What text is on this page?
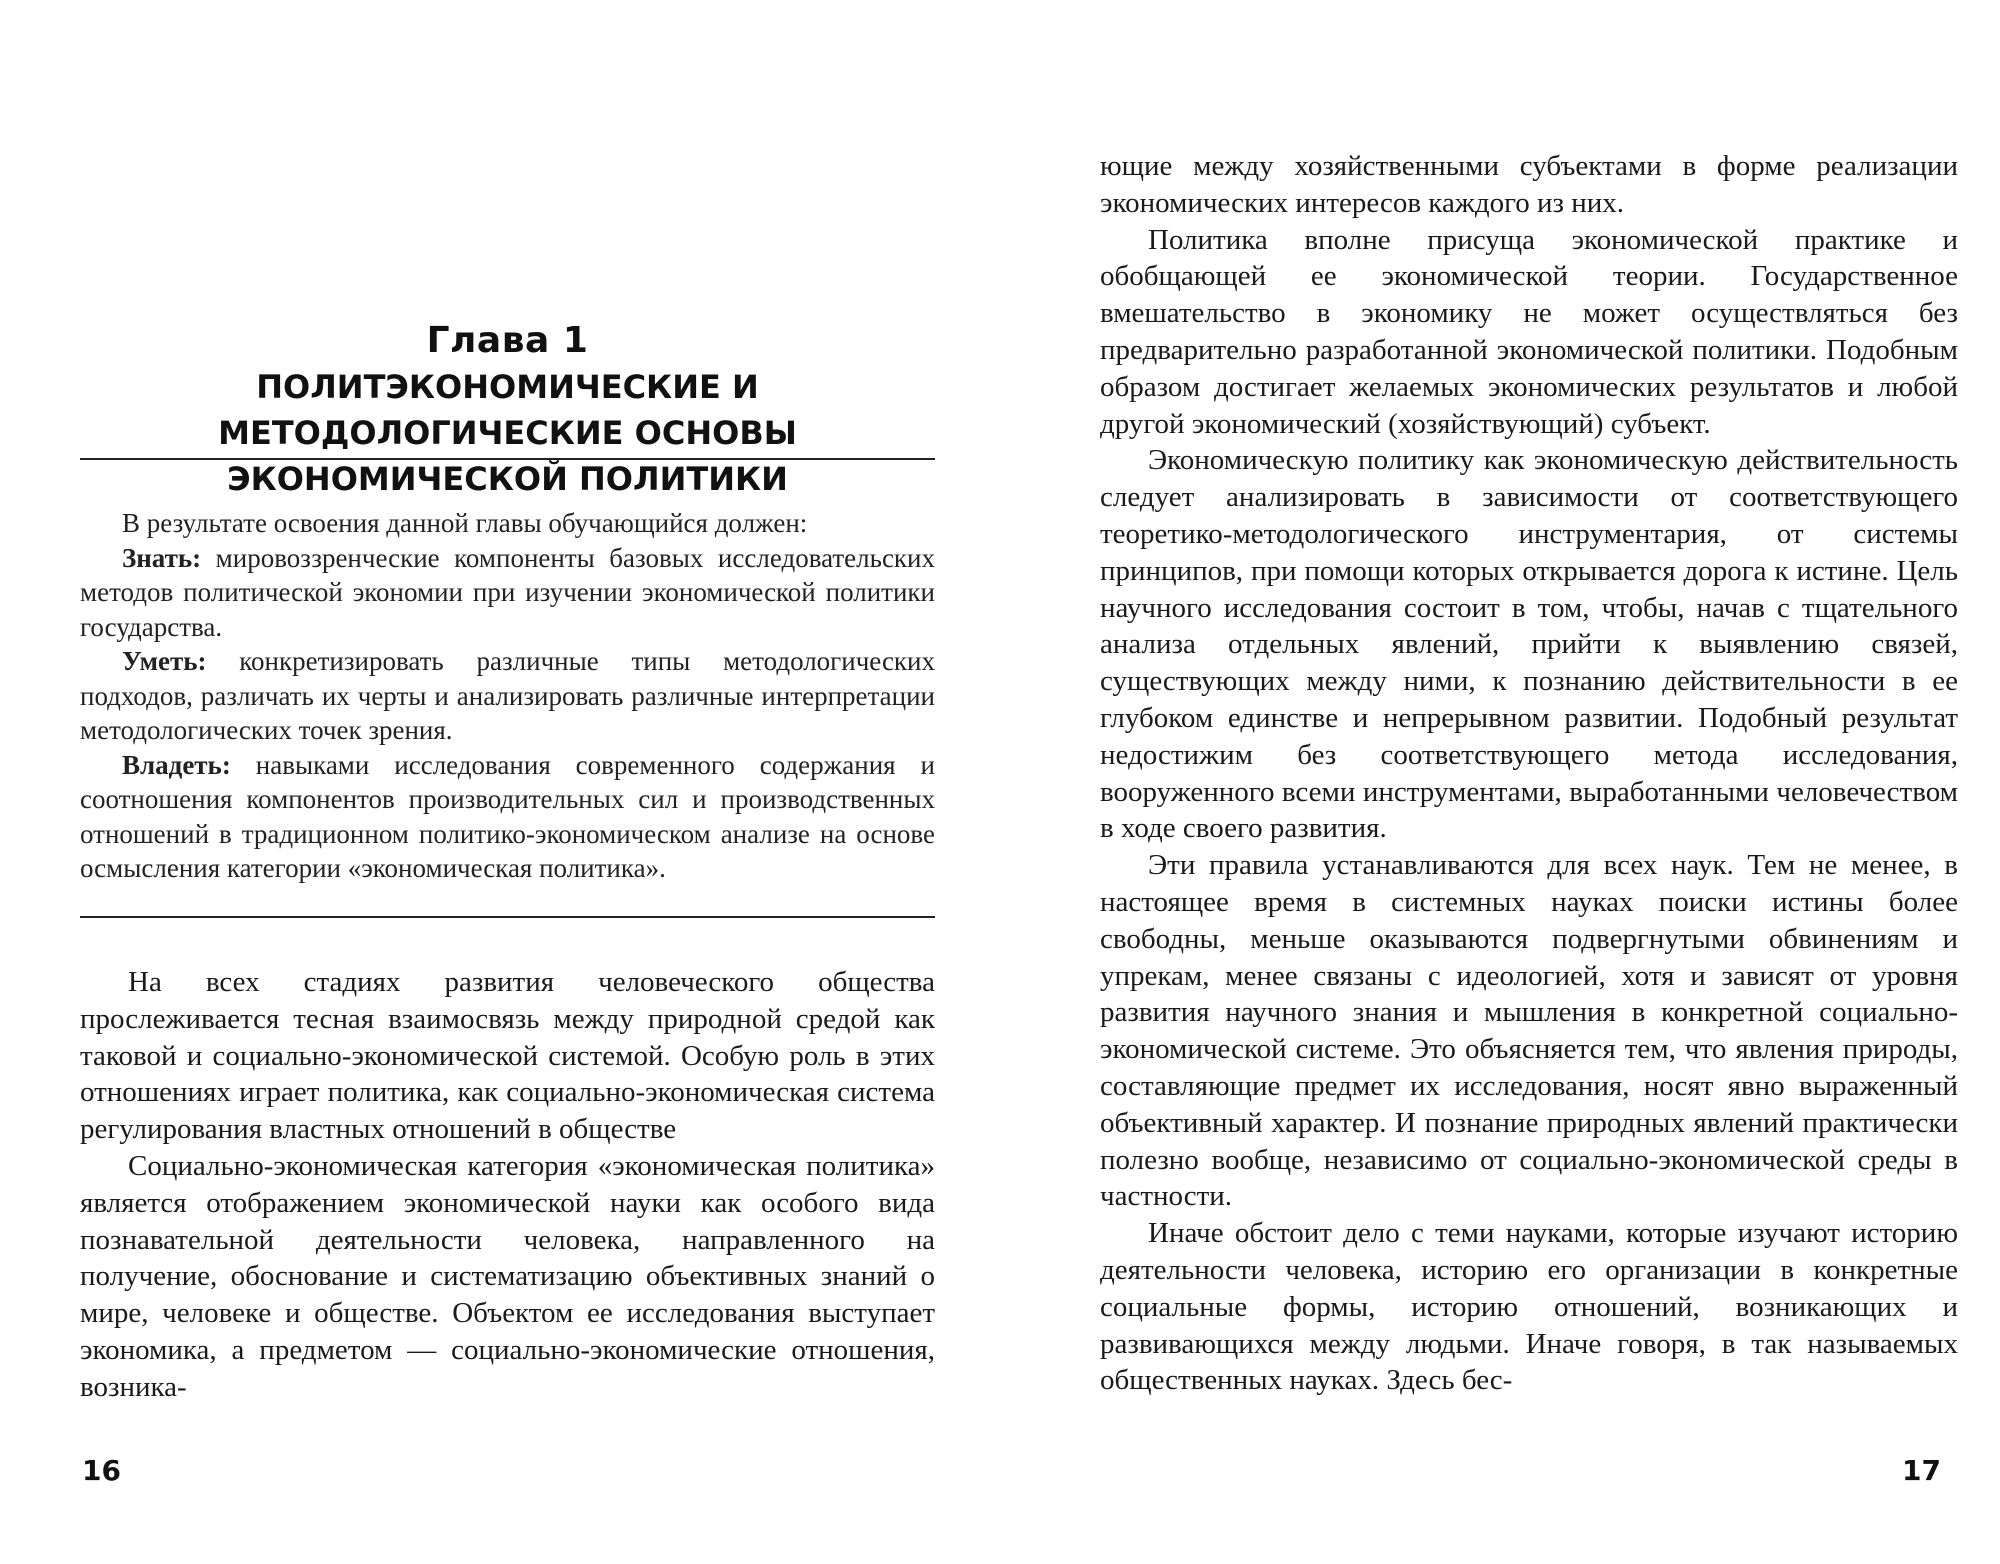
Глава 1
ПОЛИТЭКОНОМИЧЕСКИЕ И МЕТОДОЛОГИЧЕСКИЕ ОСНОВЫ
ЭКОНОМИЧЕСКОЙ ПОЛИТИКИ

В результате освоения данной главы обучающийся должен:

Знать: мировоззренческие компоненты базовых исследовательских методов политической экономии при изучении экономической политики государства.

Уметь: конкретизировать различные типы методологических подходов, различать их черты и анализировать различные интерпретации методологических точек зрения.

Владеть: навыками исследования современного содержания и соотношения компонентов производительных сил и производственных отношений в традиционном политико-экономическом анализе на основе осмысления категории «экономическая политика».

На всех стадиях развития человеческого общества прослеживается тесная взаимосвязь между природной средой как таковой и социально-экономической системой. Особую роль в этих отношениях играет политика, как социально-экономическая система регулирования властных отношений в обществе

Социально-экономическая категория «экономическая политика» является отображением экономической науки как особого вида познавательной деятельности человека, направленного на получение, обоснование и систематизацию объективных знаний о мире, человеке и обществе. Объектом ее исследования выступает экономика, а предметом — социально-экономические отношения, возника-

16

ющие между хозяйственными субъектами в форме реализации экономических интересов каждого из них.

Политика вполне присуща экономической практике и обобщающей ее экономической теории. Государственное вмешательство в экономику не может осуществляться без предварительно разработанной экономической политики. Подобным образом достигает желаемых экономических результатов и любой другой экономический (хозяйствующий) субъект.

Экономическую политику как экономическую действительность следует анализировать в зависимости от соответствующего теоретико-методологического инструментария, от системы принципов, при помощи которых открывается дорога к истине. Цель научного исследования состоит в том, чтобы, начав с тщательного анализа отдельных явлений, прийти к выявлению связей, существующих между ними, к познанию действительности в ее глубоком единстве и непрерывном развитии. Подобный результат недостижим без соответствующего метода исследования, вооруженного всеми инструментами, выработанными человечеством в ходе своего развития.

Эти правила устанавливаются для всех наук. Тем не менее, в настоящее время в системных науках поиски истины более свободны, меньше оказываются подвергнутыми обвинениям и упрекам, менее связаны с идеологией, хотя и зависят от уровня развития научного знания и мышления в конкретной социально-экономической системе. Это объясняется тем, что явления природы, составляющие предмет их исследования, носят явно выраженный объективный характер. И познание природных явлений практически полезно вообще, независимо от социально-экономической среды в частности.

Иначе обстоит дело с теми науками, которые изучают историю деятельности человека, историю его организации в конкретные социальные формы, историю отношений, возникающих и развивающихся между людьми. Иначе говоря, в так называемых общественных науках. Здесь бес-

17
